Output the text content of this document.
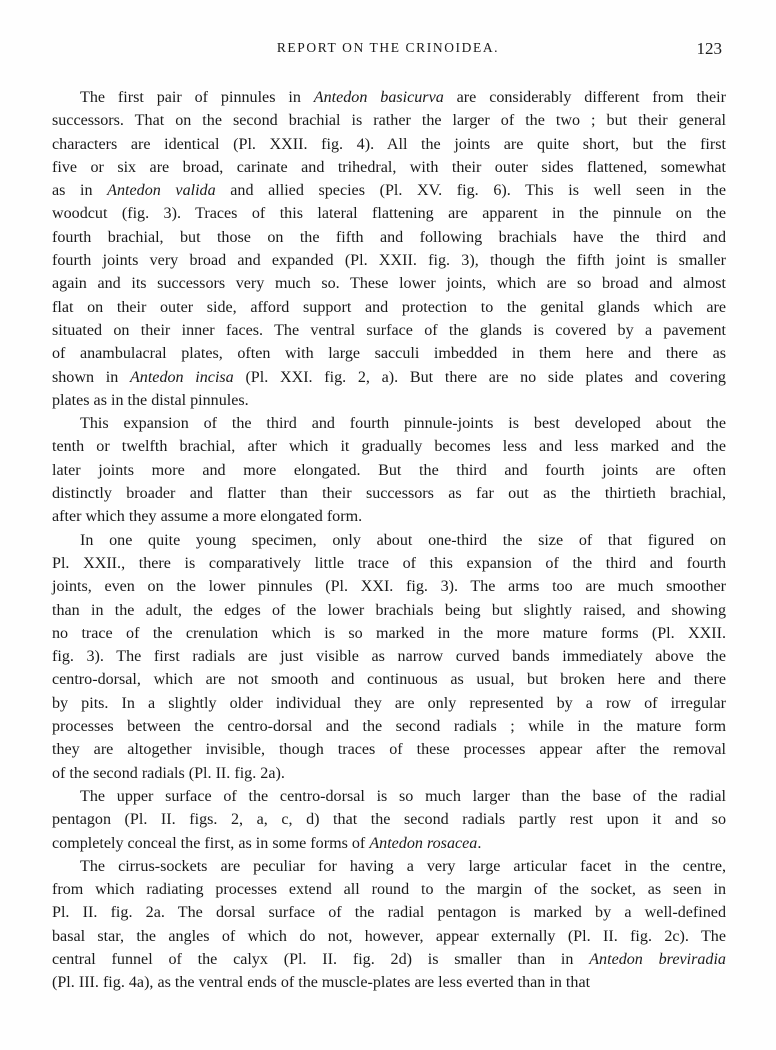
REPORT ON THE CRINOIDEA.	123
The first pair of pinnules in Antedon basicurva are considerably different from their
successors. That on the second brachial is rather the larger of the two ; but their general
characters are identical (Pl. XXII. fig. 4). All the joints are quite short, but the first
five or six are broad, carinate and trihedral, with their outer sides flattened, somewhat
as in Antedon valida and allied species (Pl. XV. fig. 6). This is well seen in the
woodcut (fig. 3). Traces of this lateral flattening are apparent in the pinnule on the
fourth brachial, but those on the fifth and following brachials have the third and
fourth joints very broad and expanded (Pl. XXII. fig. 3), though the fifth joint is smaller
again and its successors very much so. These lower joints, which are so broad and almost
flat on their outer side, afford support and protection to the genital glands which are
situated on their inner faces. The ventral surface of the glands is covered by a pavement
of anambulacral plates, often with large sacculi imbedded in them here and there as
shown in Antedon incisa (Pl. XXI. fig. 2, a). But there are no side plates and covering
plates as in the distal pinnules.
This expansion of the third and fourth pinnule-joints is best developed about the
tenth or twelfth brachial, after which it gradually becomes less and less marked and the
later joints more and more elongated. But the third and fourth joints are often
distinctly broader and flatter than their successors as far out as the thirtieth brachial,
after which they assume a more elongated form.
In one quite young specimen, only about one-third the size of that figured on
Pl. XXII., there is comparatively little trace of this expansion of the third and fourth
joints, even on the lower pinnules (Pl. XXI. fig. 3). The arms too are much smoother
than in the adult, the edges of the lower brachials being but slightly raised, and showing
no trace of the crenulation which is so marked in the more mature forms (Pl. XXII.
fig. 3). The first radials are just visible as narrow curved bands immediately above the
centro-dorsal, which are not smooth and continuous as usual, but broken here and there
by pits. In a slightly older individual they are only represented by a row of irregular
processes between the centro-dorsal and the second radials ; while in the mature form
they are altogether invisible, though traces of these processes appear after the removal
of the second radials (Pl. II. fig. 2a).
The upper surface of the centro-dorsal is so much larger than the base of the radial
pentagon (Pl. II. figs. 2, a, c, d) that the second radials partly rest upon it and so
completely conceal the first, as in some forms of Antedon rosacea.
The cirrus-sockets are peculiar for having a very large articular facet in the centre,
from which radiating processes extend all round to the margin of the socket, as seen in
Pl. II. fig. 2a. The dorsal surface of the radial pentagon is marked by a well-defined
basal star, the angles of which do not, however, appear externally (Pl. II. fig. 2c). The
central funnel of the calyx (Pl. II. fig. 2d) is smaller than in Antedon breviradia
(Pl. III. fig. 4a), as the ventral ends of the muscle-plates are less everted than in that
